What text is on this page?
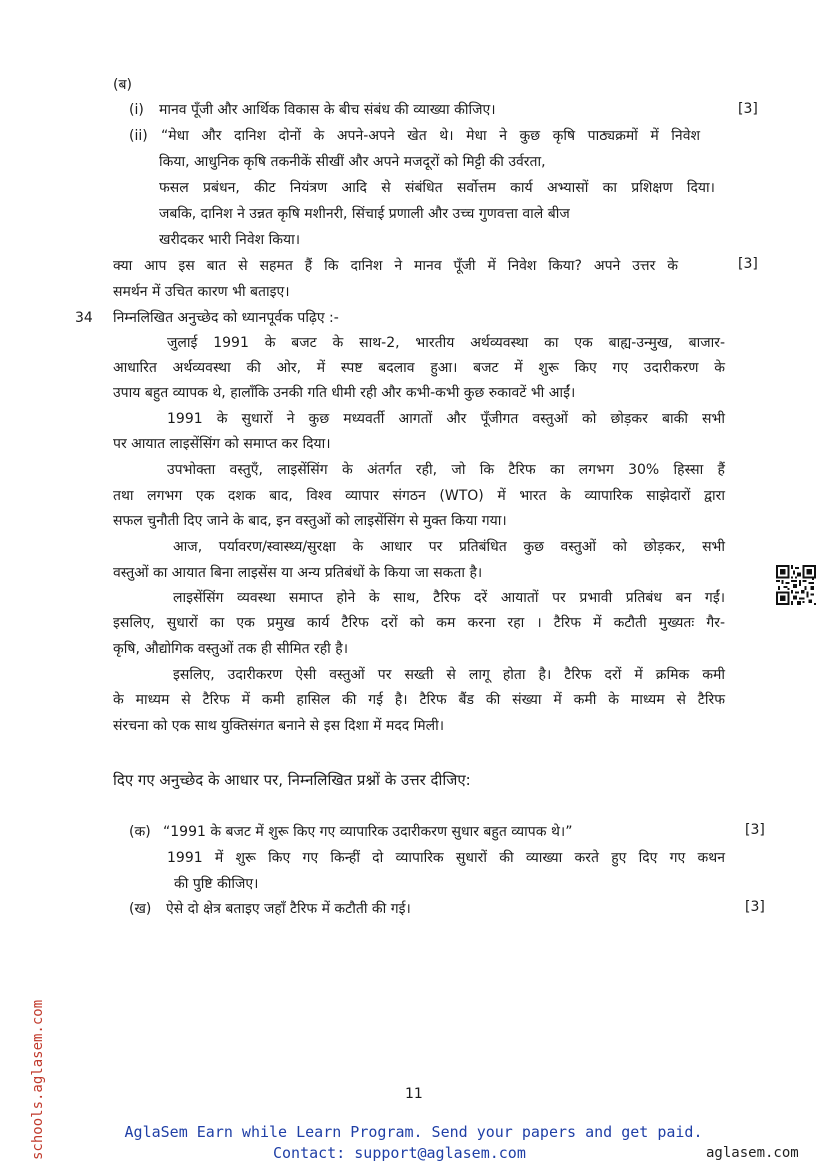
(ब)
(i) मानव पूँजी और आर्थिक विकास के बीच संबंध की व्याख्या कीजिए।	[3]
(ii) “मेधा और दानिश दोनों के अपने-अपने खेत थे। मेधा ने कुछ कृषि पाठ्यक्रमों में निवेश
किया, आधुनिक कृषि तकनीकें सीखीं और अपने मजदूरों को मिट्टी की उर्वरता,
फसल प्रबंधन, कीट नियंत्रण आदि से संबंधित सर्वोत्तम कार्य अभ्यासों का प्रशिक्षण दिया।
जबकि, दानिश ने उन्नत कृषि मशीनरी, सिंचाई प्रणाली और उच्च गुणवत्ता वाले बीज
खरीदकर भारी निवेश किया।
क्या आप इस बात से सहमत हैं कि दानिश ने मानव पूँजी में निवेश किया? अपने उत्तर के
समर्थन में उचित कारण भी बताइए।
[3]
34 निम्नलिखित अनुच्छेद को ध्यानपूर्वक पढ़िए :-
जुलाई 1991 के बजट के साथ-2, भारतीय अर्थव्यवस्था का एक बाह्य-उन्मुख, बाजार-
आधारित अर्थव्यवस्था की ओर, में स्पष्ट बदलाव हुआ। बजट में शुरू किए गए उदारीकरण के
उपाय बहुत व्यापक थे, हालाँकि उनकी गति धीमी रही और कभी-कभी कुछ रुकावटें भी आईं।
1991 के सुधारों ने कुछ मध्यवर्ती आगतों और पूँजीगत वस्तुओं को छोड़कर बाकी सभी
पर आयात लाइसेंसिंग को समाप्त कर दिया।
उपभोक्ता वस्तुएँ, लाइसेंसिंग के अंतर्गत रही, जो कि टैरिफ का लगभग 30% हिस्सा हैं
तथा लगभग एक दशक बाद, विश्व व्यापार संगठन (WTO) में भारत के व्यापारिक साझेदारों द्वारा
सफल चुनौती दिए जाने के बाद, इन वस्तुओं को लाइसेंसिंग से मुक्त किया गया।
आज, पर्यावरण/स्वास्थ्य/सुरक्षा के आधार पर प्रतिबंधित कुछ वस्तुओं को छोड़कर, सभी
वस्तुओं का आयात बिना लाइसेंस या अन्य प्रतिबंधों के किया जा सकता है।
लाइसेंसिंग व्यवस्था समाप्त होने के साथ, टैरिफ दरें आयातों पर प्रभावी प्रतिबंध बन गईं।
इसलिए, सुधारों का एक प्रमुख कार्य टैरिफ दरों को कम करना रहा । टैरिफ में कटौती मुख्यतः गैर-
कृषि, औद्योगिक वस्तुओं तक ही सीमित रही है।
इसलिए, उदारीकरण ऐसी वस्तुओं पर सख्ती से लागू होता है। टैरिफ दरों में क्रमिक कमी
के माध्यम से टैरिफ में कमी हासिल की गई है। टैरिफ बैंड की संख्या में कमी के माध्यम से टैरिफ
संरचना को एक साथ युक्तिसंगत बनाने से इस दिशा में मदद मिली।
दिए गए अनुच्छेद के आधार पर, निम्नलिखित प्रश्नों के उत्तर दीजिए:
(क) “1991 के बजट में शुरू किए गए व्यापारिक उदारीकरण सुधार बहुत व्यापक थे।”	[3]
1991 में शुरू किए गए किन्हीं दो व्यापारिक सुधारों की व्याख्या करते हुए दिए गए कथन
की पुष्टि कीजिए।
(ख) ऐसे दो क्षेत्र बताइए जहाँ टैरिफ में कटौती की गई।	[3]
11
schools.aglasem.com	AglaSem Earn while Learn Program. Send your papers and get paid.
Contact: support@aglasem.com	aglasem.com
